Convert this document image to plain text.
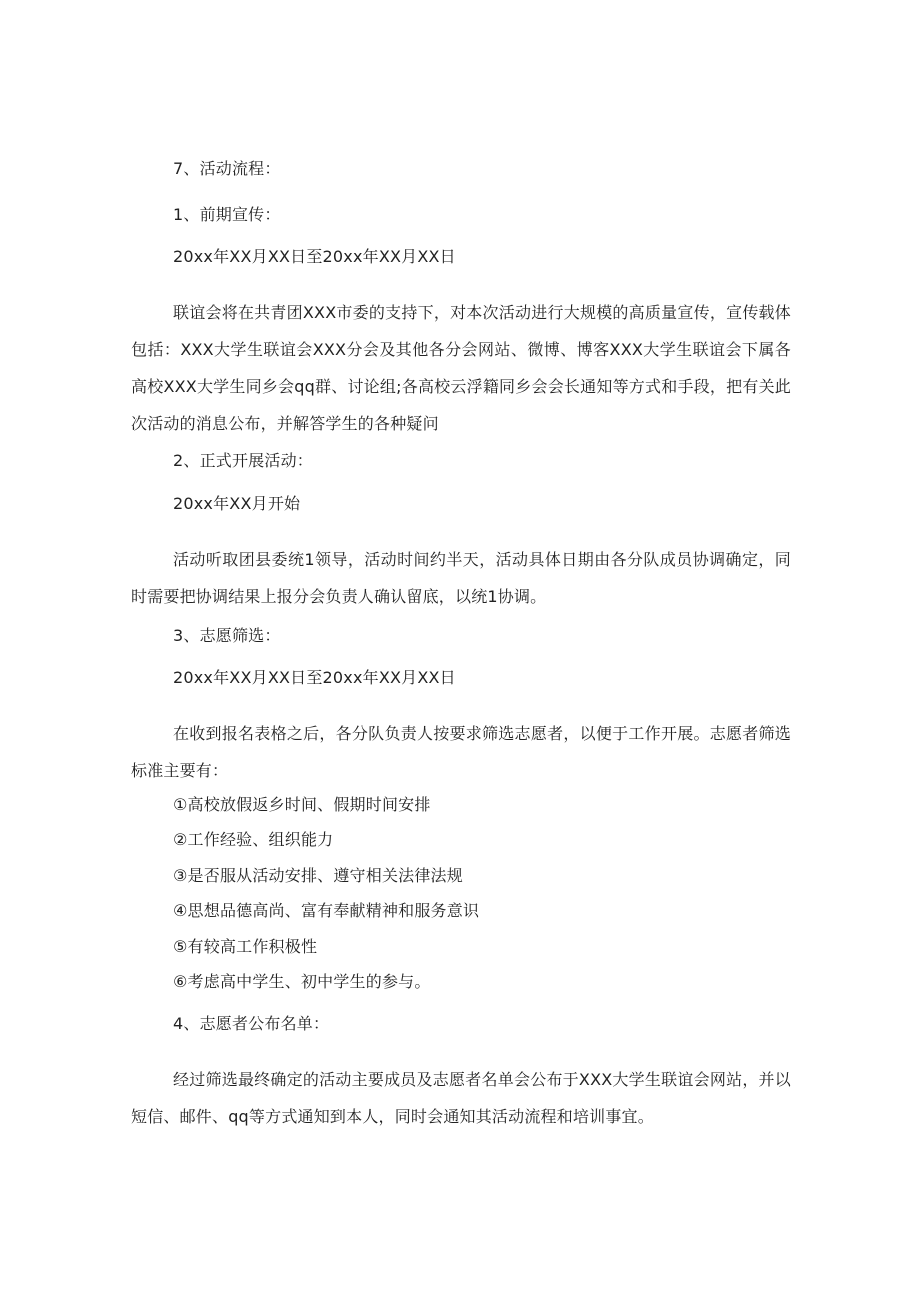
7、活动流程：
1、前期宣传：
20xx年XX月XX日至20xx年XX月XX日
联谊会将在共青团XXX市委的支持下，对本次活动进行大规模的高质量宣传，宣传载体包括：XXX大学生联谊会XXX分会及其他各分会网站、微博、博客XXX大学生联谊会下属各高校XXX大学生同乡会qq群、讨论组;各高校云浮籍同乡会会长通知等方式和手段，把有关此次活动的消息公布，并解答学生的各种疑问
2、正式开展活动：
20xx年XX月开始
活动听取团县委统1领导，活动时间约半天，活动具体日期由各分队成员协调确定，同时需要把协调结果上报分会负责人确认留底，以统1协调。
3、志愿筛选：
20xx年XX月XX日至20xx年XX月XX日
在收到报名表格之后，各分队负责人按要求筛选志愿者，以便于工作开展。志愿者筛选标准主要有：
①高校放假返乡时间、假期时间安排
②工作经验、组织能力
③是否服从活动安排、遵守相关法律法规
④思想品德高尚、富有奉献精神和服务意识
⑤有较高工作积极性
⑥考虑高中学生、初中学生的参与。
4、志愿者公布名单：
经过筛选最终确定的活动主要成员及志愿者名单会公布于XXX大学生联谊会网站，并以短信、邮件、qq等方式通知到本人，同时会通知其活动流程和培训事宜。
